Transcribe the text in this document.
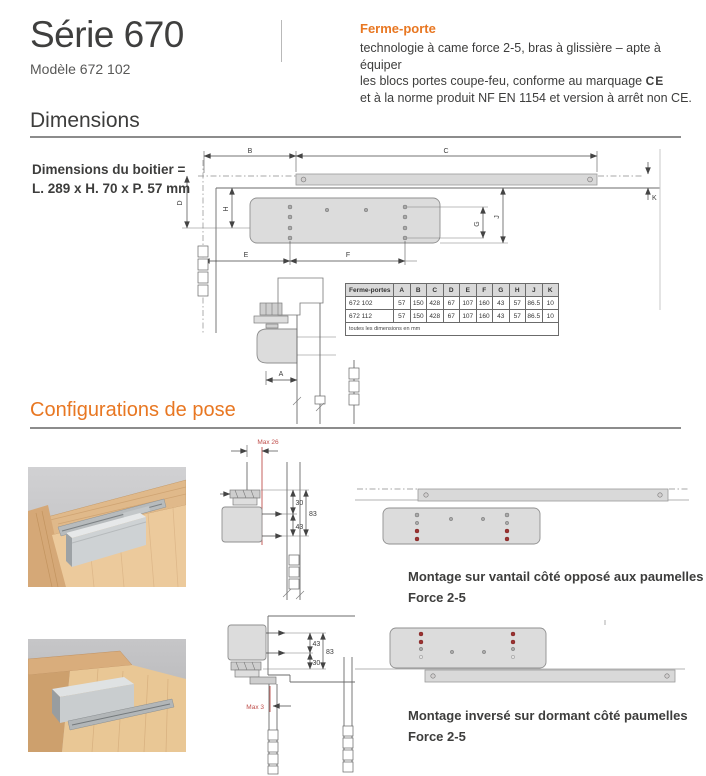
Série 670
Modèle 672 102
Ferme-porte
technologie à came force 2-5, bras à glissière – apte à équiper
les blocs portes coupe-feu, conforme au marquage CE
et à la norme produit NF EN 1154 et version à arrêt non CE.
Dimensions
Dimensions du boitier =
L. 289 x H. 70 x P. 57 mm
B	C
K
D
H
G
J
E	F
A
Ferme-portes	A	B	C	D	E	F	G	H	J	K
672 102	57	150	428	67	107	160	43	57	86.5	10
672 112	57	150	428	67	107	160	43	57	86.5	10
toutes les dimensions en mm										
Configurations de pose
Max 26
30
43
83
Montage sur vantail côté opposé aux paumelles
Force 2-5
Max 3
43
30
83
Montage inversé sur dormant côté paumelles
Force 2-5
